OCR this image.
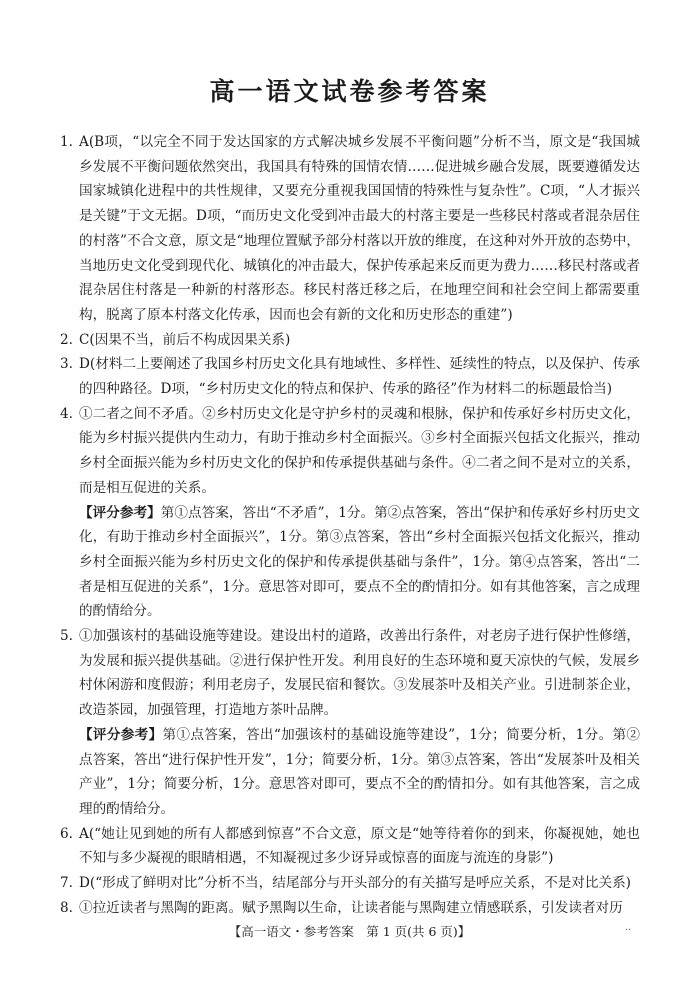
高一语文试卷参考答案

1. A(B项，“以完全不同于发达国家的方式解决城乡发展不平衡问题”分析不当，原文是“我国城乡发展不平衡问题依然突出，我国具有特殊的国情农情……促进城乡融合发展，既要遵循发达国家城镇化进程中的共性规律，又要充分重视我国国情的特殊性与复杂性”。C项，“人才振兴是关键”于文无据。D项，“而历史文化受到冲击最大的村落主要是一些移民村落或者混杂居住的村落”不合文意，原文是“地理位置赋予部分村落以开放的维度，在这种对外开放的态势中，当地历史文化受到现代化、城镇化的冲击最大，保护传承起来反而更为费力……移民村落或者混杂居住村落是一种新的村落形态。移民村落迁移之后，在地理空间和社会空间上都需要重构，脱离了原本村落文化传承，因而也会有新的文化和历史形态的重建”)

2. C(因果不当，前后不构成因果关系)

3. D(材料二上要阐述了我国乡村历史文化具有地域性、多样性、延续性的特点，以及保护、传承的四种路径。D项，“乡村历史文化的特点和保护、传承的路径”作为材料二的标题最恰当)

4. ①二者之间不矛盾。②乡村历史文化是守护乡村的灵魂和根脉，保护和传承好乡村历史文化，能为乡村振兴提供内生动力，有助于推动乡村全面振兴。③乡村全面振兴包括文化振兴，推动乡村全面振兴能为乡村历史文化的保护和传承提供基础与条件。④二者之间不是对立的关系，而是相互促进的关系。

【评分参考】第①点答案，答出“不矛盾”，1分。第②点答案，答出“保护和传承好乡村历史文化，有助于推动乡村全面振兴”，1分。第③点答案，答出“乡村全面振兴包括文化振兴，推动乡村全面振兴能为乡村历史文化的保护和传承提供基础与条件”，1分。第④点答案，答出“二者是相互促进的关系”，1分。意思答对即可，要点不全的酌情扣分。如有其他答案，言之成理的酌情给分。

5. ①加强该村的基础设施等建设。建设出村的道路，改善出行条件，对老房子进行保护性修缮，为发展和振兴提供基础。②进行保护性开发。利用良好的生态环境和夏天凉快的气候，发展乡村休闲游和度假游；利用老房子，发展民宿和餐饮。③发展茶叶及相关产业。引进制茶企业，改造茶园，加强管理，打造地方茶叶品牌。

【评分参考】第①点答案，答出“加强该村的基础设施等建设”，1分；简要分析，1分。第②点答案，答出“进行保护性开发”，1分；简要分析，1分。第③点答案，答出“发展茶叶及相关产业”，1分；简要分析，1分。意思答对即可，要点不全的酌情扣分。如有其他答案，言之成理的酌情给分。

6. A(“她让见到她的所有人都感到惊喜”不合文意，原文是“她等待着你的到来，你凝视她，她也不知与多少凝视的眼睛相遇，不知凝视过多少讶异或惊喜的面庞与流连的身影”)

7. D(“形成了鲜明对比”分析不当，结尾部分与开头部分的有关描写是呼应关系，不是对比关系)

8. ①拉近读者与黑陶的距离。赋予黑陶以生命，让读者能与黑陶建立情感联系，引发读者对历

【高一语文・参考答案　第 1 页(共 6 页)】	··
